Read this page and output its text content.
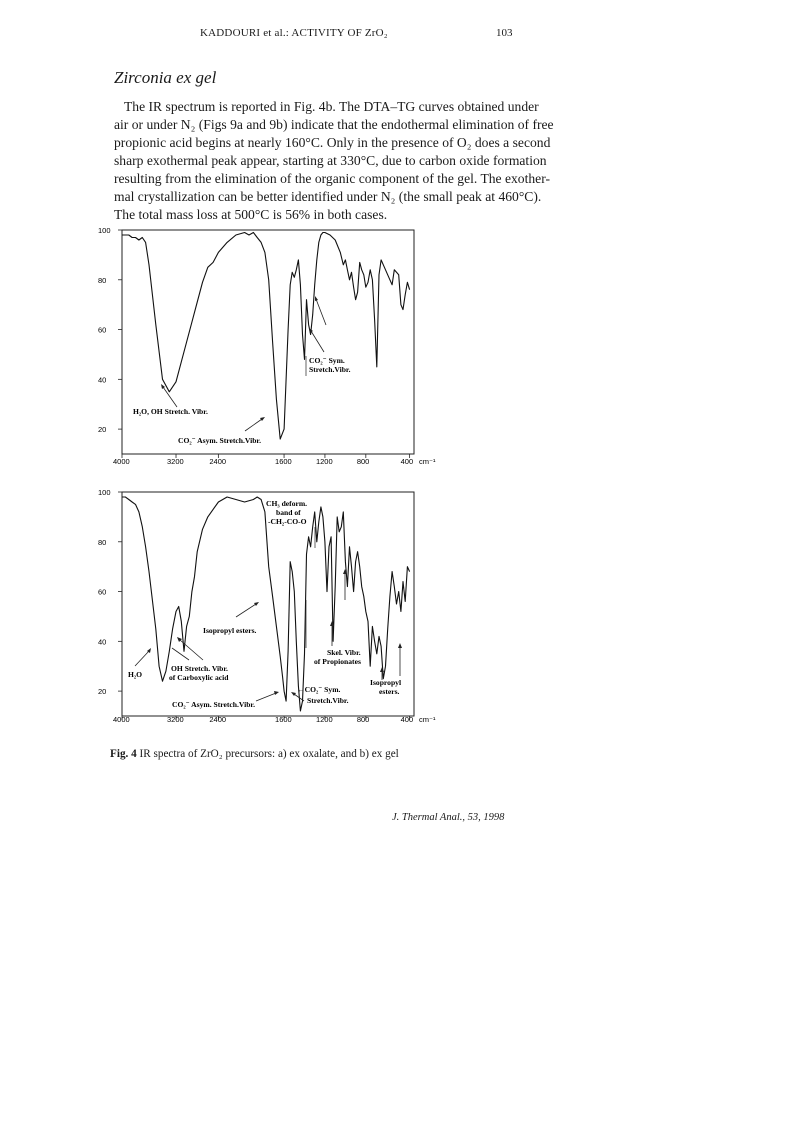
KADDOURI et al.: ACTIVITY OF ZrO₂	103
Zirconia ex gel
The IR spectrum is reported in Fig. 4b. The DTA–TG curves obtained under
air or under N₂ (Figs 9a and 9b) indicate that the endothermal elimination of free
propionic acid begins at nearly 160°C. Only in the presence of O₂ does a second
sharp exothermal peak appear, starting at 330°C, due to carbon oxide formation
resulting from the elimination of the organic component of the gel. The exother-
mal crystallization can be better identified under N₂ (the small peak at 460°C).
The total mass loss at 500°C is 56% in both cases.
100
80
60
40
20
4000	3200	2400	1600	1200	800	400 cm⁻¹
100
80
60
40
20
4000	3200	2400	1600	1200	800	400 cm⁻¹
H₂O, OH Stretch. Vibr.
CO₂⁻ Asym. Stretch.Vibr.
CO₂⁻ Sym.
Stretch.Vibr.
CH₃ deform.
band of
-CH₂-CO-O
Isopropyl esters.
Skel. Vibr.
of Propionates
OH Stretch. Vibr.
of Carboxylic acid
H₂O
Isopropyl
esters.
←CO₂⁻ Sym.
Stretch.Vibr.
CO₂⁻ Asym. Stretch.Vibr.
Fig. 4 IR spectra of ZrO₂ precursors: a) ex oxalate, and b) ex gel
J. Thermal Anal., 53, 1998
